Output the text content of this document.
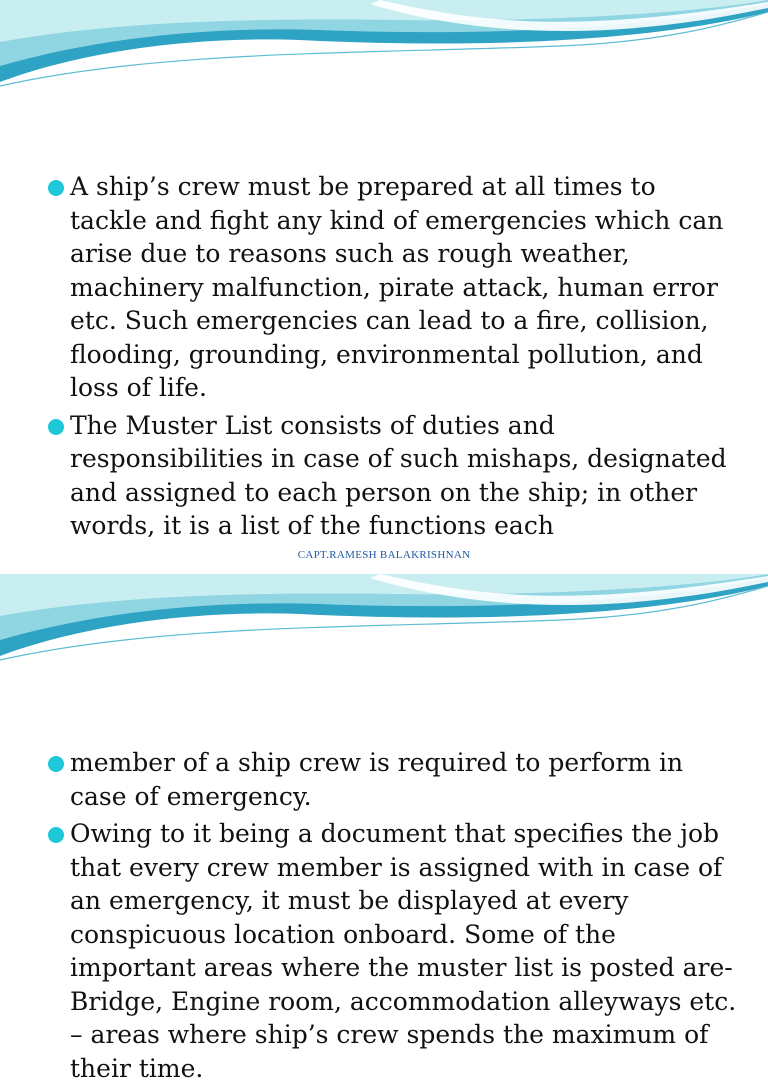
A ship’s crew must be prepared at all times to tackle and fight any kind of emergencies which can arise due to reasons such as rough weather, machinery malfunction, pirate attack, human error etc. Such emergencies can lead to a fire, collision, flooding, grounding, environmental pollution, and loss of life.
The Muster List consists of duties and responsibilities in case of such mishaps, designated and assigned to each person on the ship; in other words, it is a list of the functions each
CAPT.RAMESH BALAKRISHNAN
member of a ship crew is required to perform in case of emergency.
Owing to it being a document that specifies the job that every crew member is assigned with in case of an emergency, it must be displayed at every conspicuous location onboard. Some of the important areas where the muster list is posted are- Bridge, Engine room, accommodation alleyways etc. – areas where ship’s crew spends the maximum of their time.
